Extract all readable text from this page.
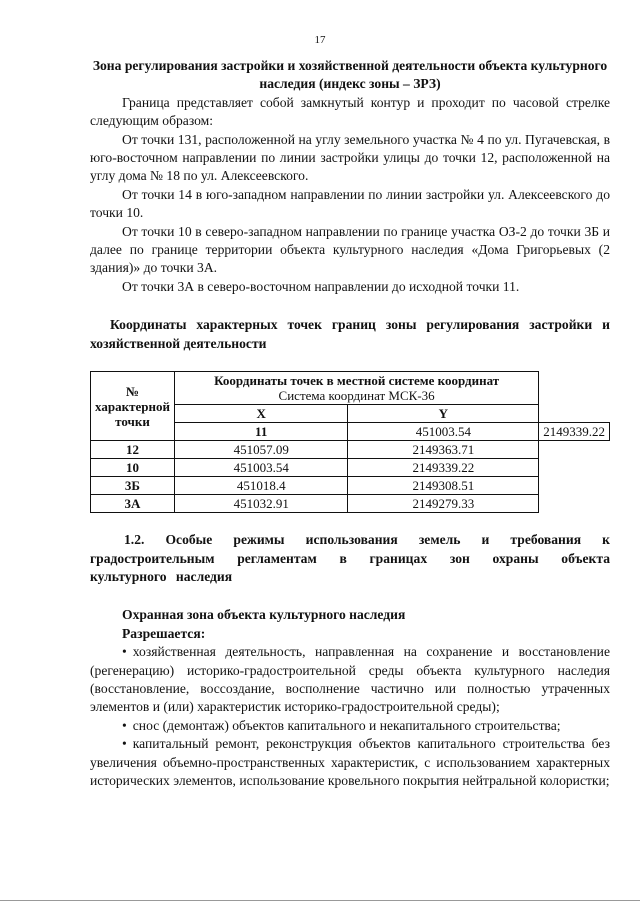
17

Зона регулирования застройки и хозяйственной деятельности объекта культурного наследия (индекс зоны – ЗРЗ)

Граница представляет собой замкнутый контур и проходит по часовой стрелке следующим образом:

От точки 131, расположенной на углу земельного участка № 4 по ул. Пугачевская, в юго-восточном направлении по линии застройки улицы до точки 12, расположенной на углу дома № 18 по ул. Алексеевского.

От точки 14 в юго-западном направлении по линии застройки ул. Алексеевского до точки 10.

От точки 10 в северо-западном направлении по границе участка ОЗ-2 до точки 3Б и далее по границе территории объекта культурного наследия «Дома Григорьевых (2 здания)» до точки 3А.

От точки 3А в северо-восточном направлении до исходной точки 11.

Координаты характерных точек границ зоны регулирования застройки и хозяйственной деятельности

№ характерной точки	Координаты точек в местной системе координат
Система координат МСК-36		
	X	Y	
	11	451003.54	2149339.22
12	451057.09	2149363.71	
10	451003.54	2149339.22	
3Б	451018.4	2149308.51	
3А	451032.91	2149279.33	

1.2. Особые режимы использования земель и требования к градостроительным регламентам в границах зон охраны объекта культурного наследия

Охранная зона объекта культурного наследия

Разрешается:

• хозяйственная деятельность, направленная на сохранение и восстановление (регенерацию) историко-градостроительной среды объекта культурного наследия (восстановление, воссоздание, восполнение частично или полностью утраченных элементов и (или) характеристик историко-градостроительной среды);

• снос (демонтаж) объектов капитального и некапитального строительства;

• капитальный ремонт, реконструкция объектов капитального строительства без увеличения объемно-пространственных характеристик, с использованием характерных исторических элементов, использование кровельного покрытия нейтральной колористки;
